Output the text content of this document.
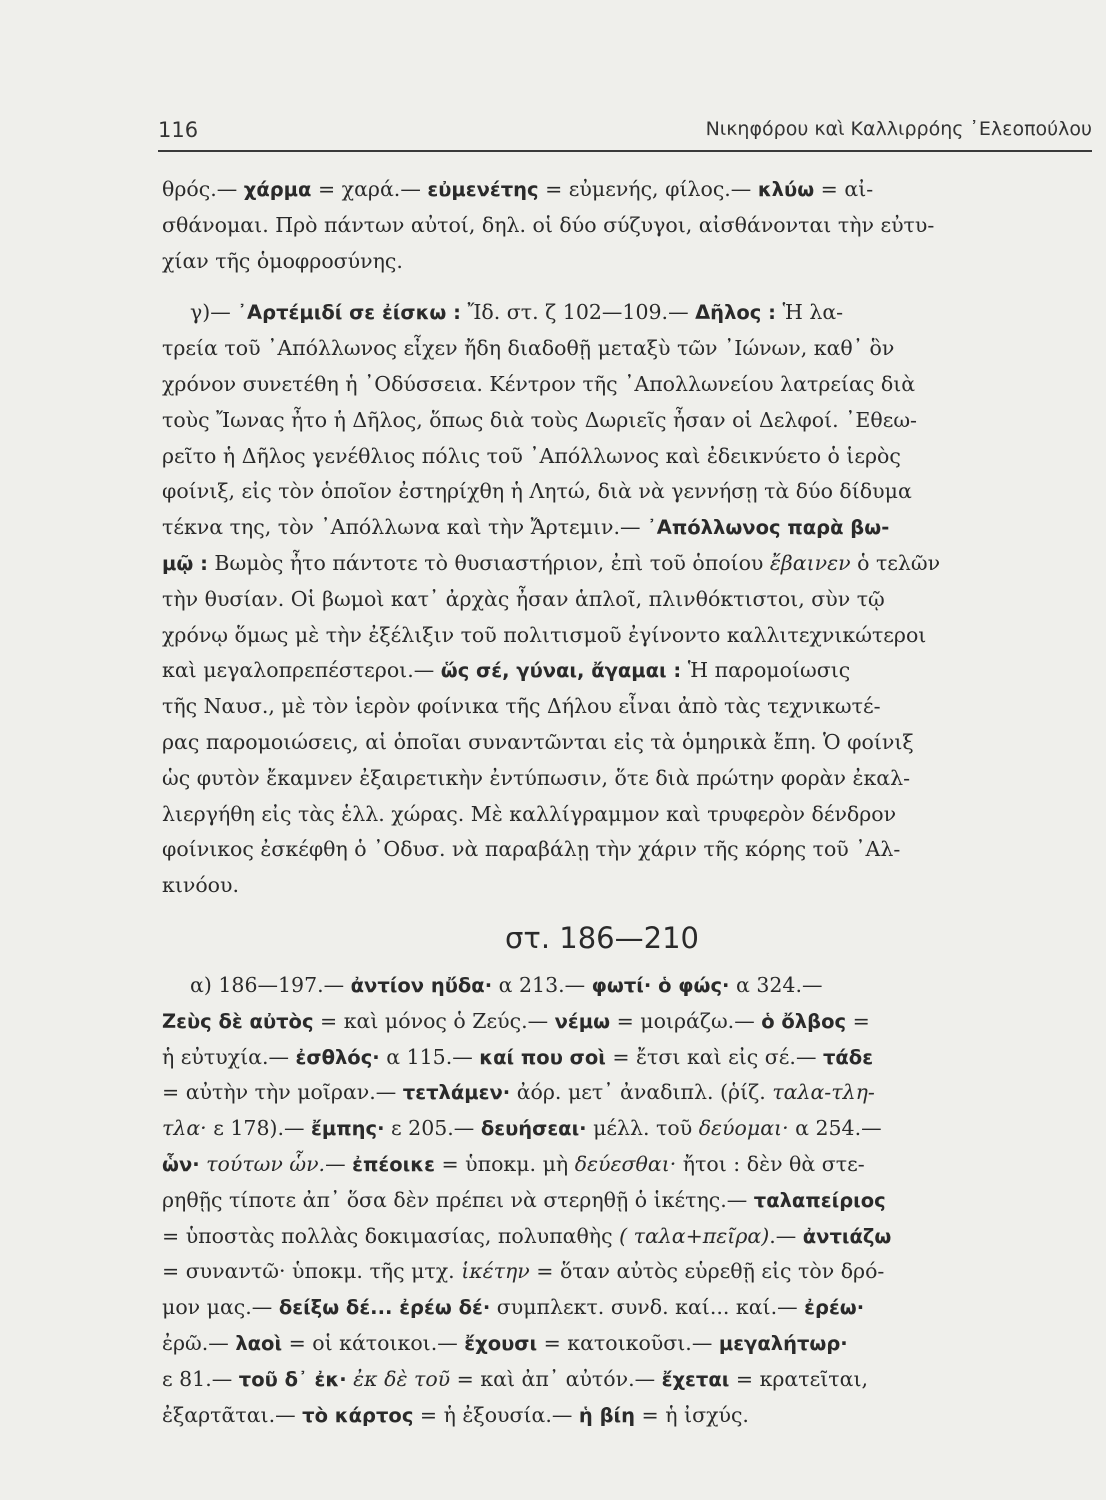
116	Νικηφόρου καὶ Καλλιρρόης ᾿Ελεοπούλου
θρός.— χάρμα = χαρά.— εὐμενέτης = εὐμενής, φίλος.— κλύω = αἰ-
σθάνομαι. Πρὸ πάντων αὐτοί, δηλ. οἱ δύο σύζυγοι, αἰσθάνονται τὴν εὐτυ-
χίαν τῆς ὁμοφροσύνης.
γ)— ᾿Αρτέμιδί σε ἐίσκω : Ἴδ. στ. ζ 102—109.— Δῆλος : Ἡ λα-
τρεία τοῦ ᾿Απόλλωνος εἶχεν ἤδη διαδοθῇ μεταξὺ τῶν ᾿Ιώνων, καθ᾿ ὃν
χρόνον συνετέθη ἡ ᾿Οδύσσεια. Κέντρον τῆς ᾿Απολλωνείου λατρείας διὰ
τοὺς Ἴωνας ἦτο ἡ Δῆλος, ὅπως διὰ τοὺς Δωριεῖς ἦσαν οἱ Δελφοί. ᾿Εθεω-
ρεῖτο ἡ Δῆλος γενέθλιος πόλις τοῦ ᾿Απόλλωνος καὶ ἐδεικνύετο ὁ ἱερὸς
φοίνιξ, εἰς τὸν ὁποῖον ἐστηρίχθη ἡ Λητώ, διὰ νὰ γεννήσῃ τὰ δύο δίδυμα
τέκνα της, τὸν ᾿Απόλλωνα καὶ τὴν Ἄρτεμιν.— ᾿Απόλλωνος παρὰ βω-
μῷ : Βωμὸς ἦτο πάντοτε τὸ θυσιαστήριον, ἐπὶ τοῦ ὁποίου ἔβαινεν ὁ τελῶν
τὴν θυσίαν. Οἱ βωμοὶ κατ᾿ ἀρχὰς ἦσαν ἁπλοῖ, πλινθόκτιστοι, σὺν τῷ
χρόνῳ ὅμως μὲ τὴν ἐξέλιξιν τοῦ πολιτισμοῦ ἐγίνοντο καλλιτεχνικώτεροι
καὶ μεγαλοπρεπέστεροι.— ὥς σέ, γύναι, ἄγαμαι : Ἡ παρομοίωσις
τῆς Ναυσ., μὲ τὸν ἱερὸν φοίνικα τῆς Δήλου εἶναι ἀπὸ τὰς τεχνικωτέ-
ρας παρομοιώσεις, αἱ ὁποῖαι συναντῶνται εἰς τὰ ὁμηρικὰ ἔπη. Ὁ φοίνιξ
ὡς φυτὸν ἔκαμνεν ἐξαιρετικὴν ἐντύπωσιν, ὅτε διὰ πρώτην φορὰν ἐκαλ-
λιεργήθη εἰς τὰς ἑλλ. χώρας. Μὲ καλλίγραμμον καὶ τρυφερὸν δένδρον
φοίνικος ἐσκέφθη ὁ ᾿Οδυσ. νὰ παραβάλῃ τὴν χάριν τῆς κόρης τοῦ ᾿Αλ-
κινόου.
στ. 186—210
α) 186—197.— ἀντίον ηὔδα· α 213.— φωτί· ὁ φώς· α 324.—
Ζεὺς δὲ αὐτὸς = καὶ μόνος ὁ Ζεύς.— νέμω = μοιράζω.— ὁ ὄλβος =
ἡ εὐτυχία.— ἐσθλός· α 115.— καί που σοὶ = ἔτσι καὶ εἰς σέ.— τάδε
= αὐτὴν τὴν μοῖραν.— τετλάμεν· ἀόρ. μετ᾿ ἀναδιπλ. (ῥίζ. ταλα-τλη-
τλα· ε 178).— ἔμπης· ε 205.— δευήσεαι· μέλλ. τοῦ δεύομαι· α 254.—
ὧν· τούτων ὧν.— ἐπέοικε = ὑποκμ. μὴ δεύεσθαι· ἤτοι : δὲν θὰ στε-
ρηθῇς τίποτε ἀπ᾿ ὅσα δὲν πρέπει νὰ στερηθῇ ὁ ἱκέτης.— ταλαπείριος
= ὑποστὰς πολλὰς δοκιμασίας, πολυπαθὴς ( ταλα+πεῖρα).— ἀντιάζω
= συναντῶ· ὑποκμ. τῆς μτχ. ἱκέτην = ὅταν αὐτὸς εὑρεθῇ εἰς τὸν δρό-
μον μας.— δείξω δέ... ἐρέω δέ· συμπλεκτ. συνδ. καί... καί.— ἐρέω·
ἐρῶ.— λαοὶ = οἱ κάτοικοι.— ἔχουσι = κατοικοῦσι.— μεγαλήτωρ·
ε 81.— τοῦ δ᾿ ἐκ· ἐκ δὲ τοῦ = καὶ ἀπ᾿ αὐτόν.— ἔχεται = κρατεῖται,
ἐξαρτᾶται.— τὸ κάρτος = ἡ ἐξουσία.— ἡ βίη = ἡ ἰσχύς.
